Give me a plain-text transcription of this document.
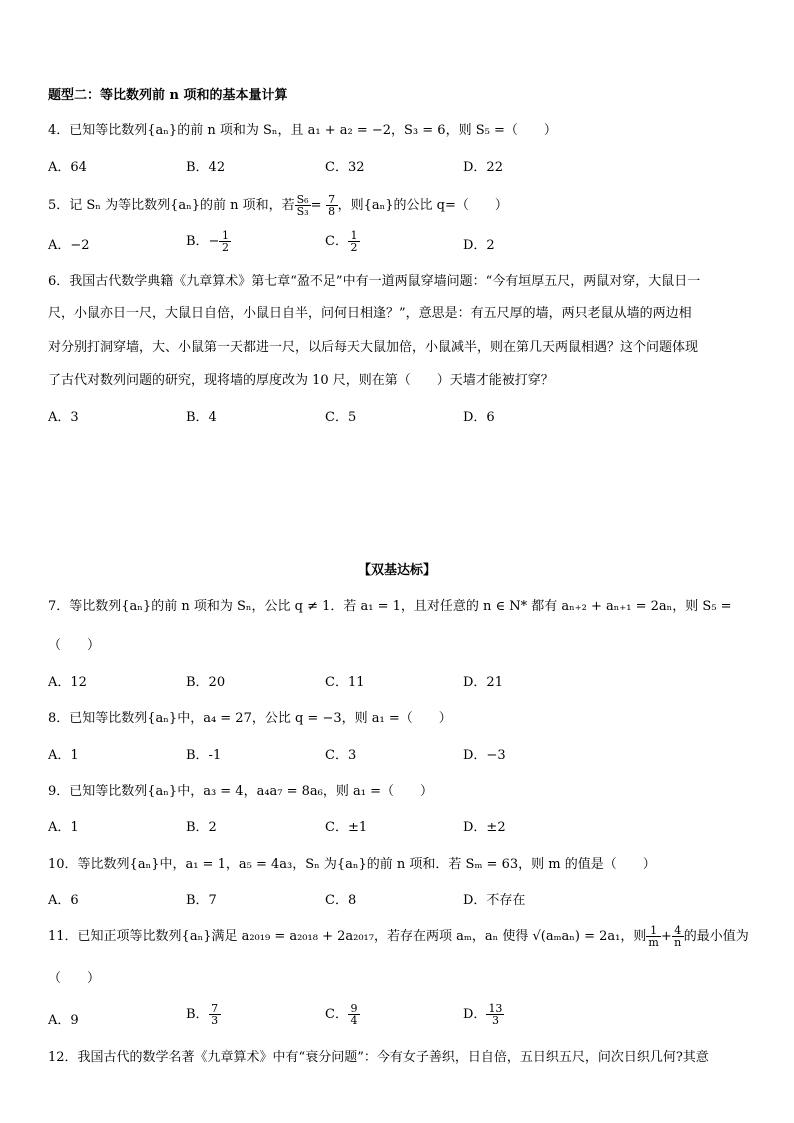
题型二：等比数列前 n 项和的基本量计算
4．已知等比数列{aₙ}的前 n 项和为 Sₙ，且 a₁ + a₂ = −2，S₃ = 6，则 S₅ =（　　）
A．64	B．42	C．32	D．22
5．记 Sₙ 为等比数列{aₙ}的前 n 项和，若 $\frac{\text{S₆}}{\text{S₃}} = \frac{7}{8}$ ，则{aₙ}的公比 q=（　　）
A．−2	B．− $\frac{1}{2}$	C． $\frac{1}{2}$	D．2
6．我国古代数学典籍《九章算术》第七章“盈不足”中有一道两鼠穿墙问题：“今有垣厚五尺，两鼠对穿，大鼠日一
尺，小鼠亦日一尺，大鼠日自倍，小鼠日自半，问何日相逢？”，意思是：有五尺厚的墙，两只老鼠从墙的两边相
对分别打洞穿墙，大、小鼠第一天都进一尺，以后每天大鼠加倍，小鼠减半，则在第几天两鼠相遇？这个问题体现
了古代对数列问题的研究，现将墙的厚度改为 10 尺，则在第（　　）天墙才能被打穿？
A．3	B．4	C．5	D．6
【双基达标】
7．等比数列{aₙ}的前 n 项和为 Sₙ，公比 q ≠ 1．若 a₁ = 1，且对任意的 n ∈ N* 都有 aₙ₊₂ + aₙ₊₁ = 2aₙ，则 S₅ =
（　　）
A．12	B．20	C．11	D．21
8．已知等比数列{aₙ}中，a₄ = 27，公比 q = −3，则 a₁ =（　　）
A．1	B．-1	C．3	D．−3
9．已知等比数列{aₙ}中，a₃ = 4，a₄a₇ = 8a₆，则 a₁ =（　　）
A．1	B．2	C．±1	D．±2
10．等比数列{aₙ}中，a₁ = 1，a₅ = 4a₃，Sₙ 为{aₙ}的前 n 项和．若 Sₘ = 63，则 m 的值是（　　）
A．6	B．7	C．8	D．不存在
11．已知正项等比数列{aₙ}满足 a₂₀₁₉ = a₂₀₁₈ + 2a₂₀₁₇，若存在两项 aₘ，aₙ 使得 √(aₘaₙ) = 2a₁，则 $\frac{1}{m} + \frac{4}{n}$ 的最小值为
（　　）
A．9	B． $\frac{7}{3}$	C． $\frac{9}{4}$	D． $\frac{13}{3}$
12．我国古代的数学名著《九章算术》中有“衰分问题”：今有女子善织，日自倍，五日织五尺，问次日织几何?其意
